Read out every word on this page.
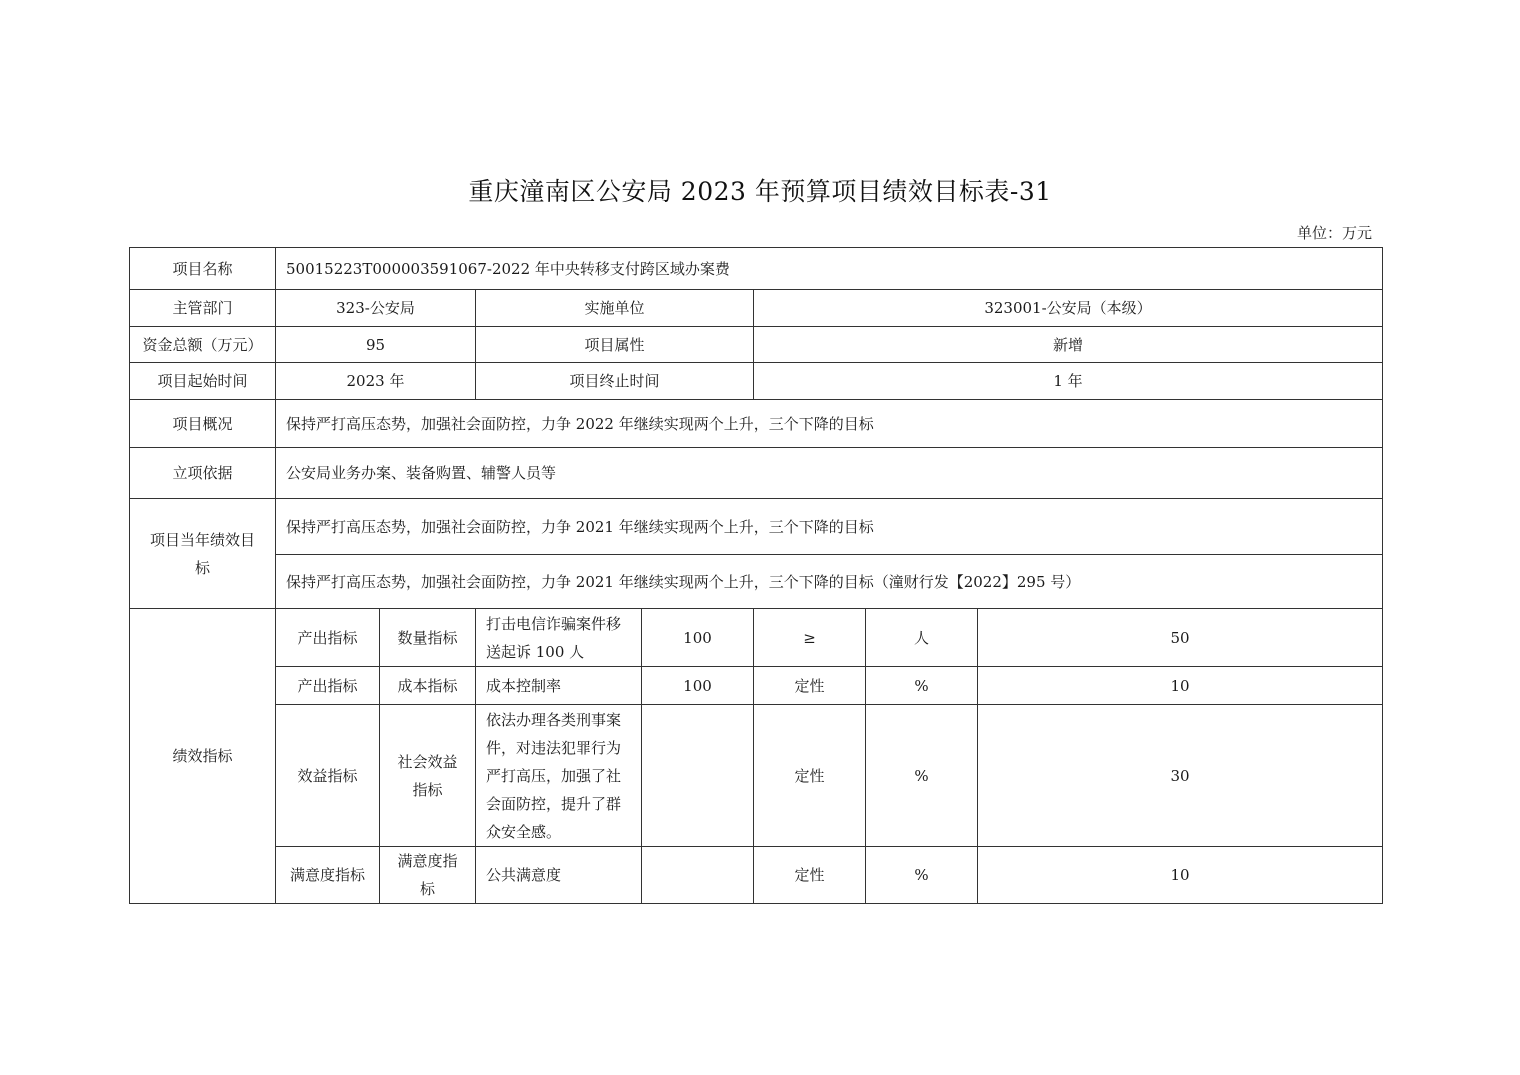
重庆潼南区公安局 2023 年预算项目绩效目标表-31
单位：万元
项目名称	50015223T000003591067-2022 年中央转移支付跨区域办案费						
主管部门	323-公安局		实施单位		323001-公安局（本级）		
资金总额（万元）	95		项目属性		新增		
项目起始时间	2023 年		项目终止时间		1 年		
项目概况	保持严打高压态势，加强社会面防控，力争 2022 年继续实现两个上升，三个下降的目标						
立项依据	公安局业务办案、装备购置、辅警人员等						
项目当年绩效目标	保持严打高压态势，加强社会面防控，力争 2021 年继续实现两个上升，三个下降的目标						
	保持严打高压态势，加强社会面防控，力争 2021 年继续实现两个上升，三个下降的目标（潼财行发【2022】295 号）						
绩效指标	产出指标	数量指标	打击电信诈骗案件移送起诉 100 人	100	≥	人	50
	产出指标	成本指标	成本控制率	100	定性	%	10
	效益指标	社会效益指标	依法办理各类刑事案件，对违法犯罪行为严打高压，加强了社会面防控，提升了群众安全感。		定性	%	30
	满意度指标	满意度指标	公共满意度		定性	%	10
